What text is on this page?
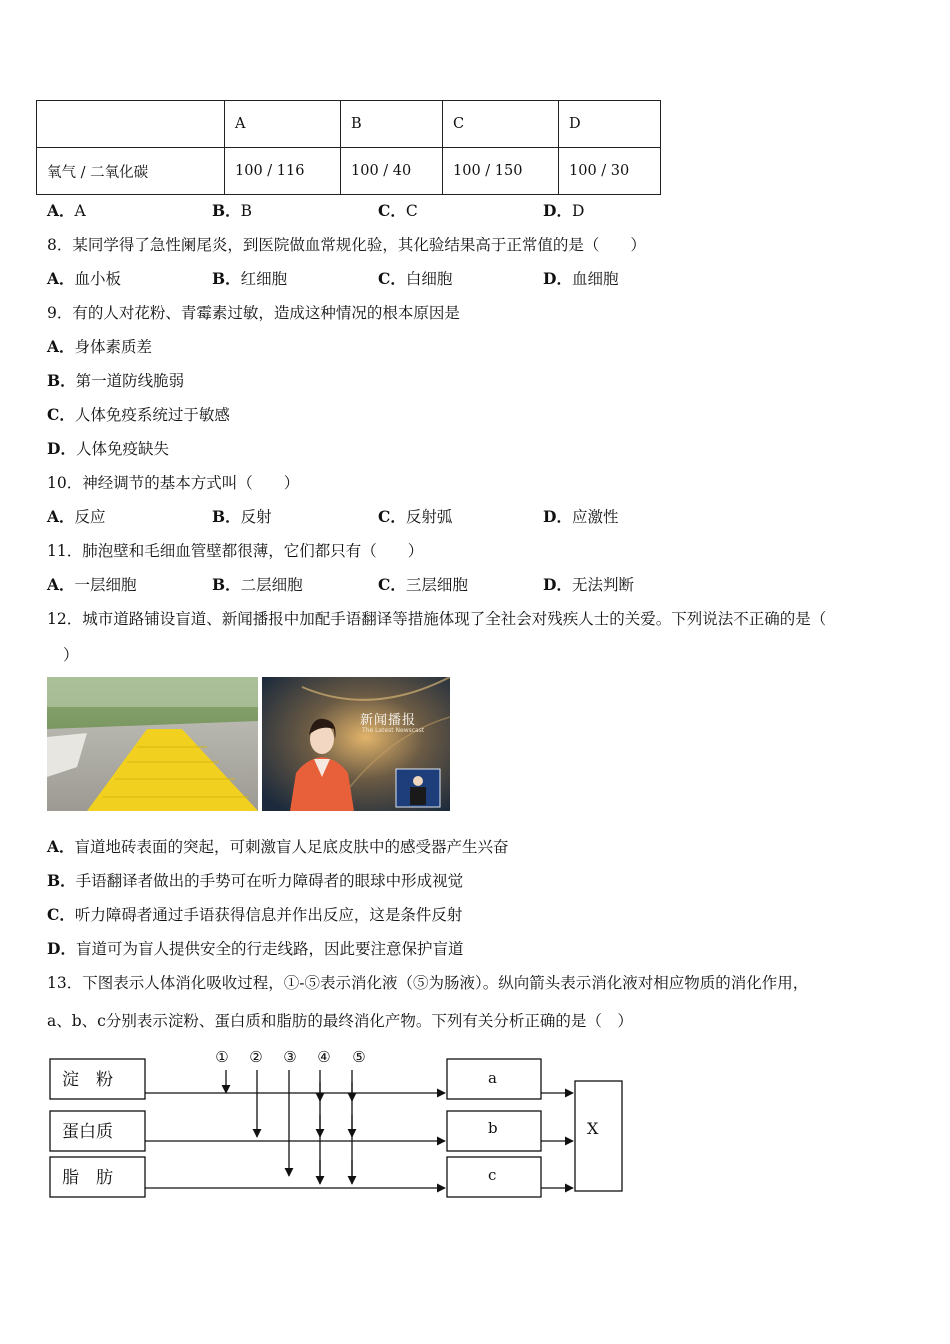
	A	B	C	D
氧气 / 二氧化碳	100 / 116	100 / 40	100 / 150	100 / 30
A．A	B．B	C．C	D．D
8．某同学得了急性阑尾炎，到医院做血常规化验，其化验结果高于正常值的是（　　）
A．血小板	B．红细胞	C．白细胞	D．血细胞
9．有的人对花粉、青霉素过敏，造成这种情况的根本原因是
A．身体素质差
B．第一道防线脆弱
C．人体免疫系统过于敏感
D．人体免疫缺失
10．神经调节的基本方式叫（　　）
A．反应	B．反射	C．反射弧	D．应激性
11．肺泡壁和毛细血管壁都很薄，它们都只有（　　）
A．一层细胞	B．二层细胞	C．三层细胞	D．无法判断
12．城市道路铺设盲道、新闻播报中加配手语翻译等措施体现了全社会对残疾人士的关爱。下列说法不正确的是（
）
新闻播报
The Latest Newscast
A．盲道地砖表面的突起，可刺激盲人足底皮肤中的感受器产生兴奋
B．手语翻译者做出的手势可在听力障碍者的眼球中形成视觉
C．听力障碍者通过手语获得信息并作出反应，这是条件反射
D．盲道可为盲人提供安全的行走线路，因此要注意保护盲道
13．下图表示人体消化吸收过程，①-⑤表示消化液（⑤为肠液）。纵向箭头表示消化液对相应物质的消化作用，
a、b、c分别表示淀粉、蛋白质和脂肪的最终消化产物。下列有关分析正确的是（　）
淀　粉
蛋白质
脂　肪
a
b
c
X
① ② ③ ④ ⑤
